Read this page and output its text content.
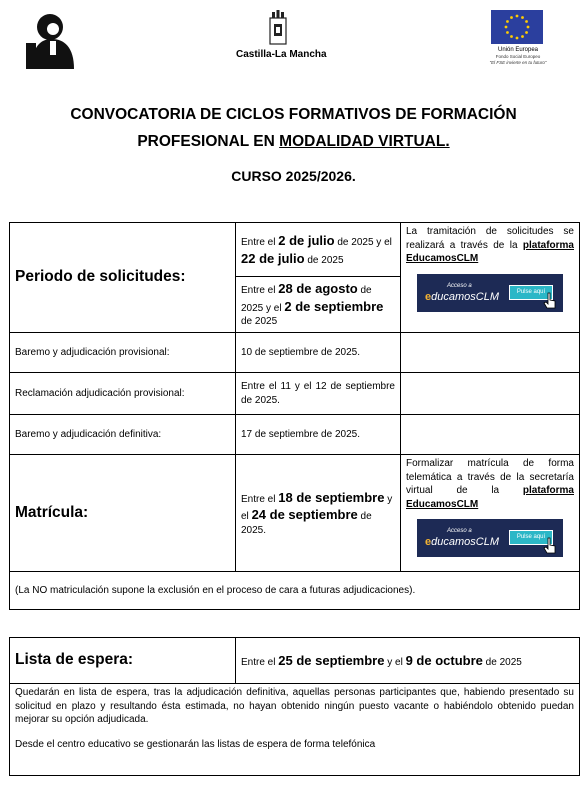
Castilla-La Mancha	Unión Europea
Fondo Social Europeo
"El FSE invierte en tu futuro"
CONVOCATORIA DE CICLOS FORMATIVOS DE FORMACIÓN
PROFESIONAL EN MODALIDAD VIRTUAL.
CURSO 2025/2026.
Periodo de solicitudes:	Entre el 2 de julio de 2025 y el 22 de julio de 2025	La tramitación de solicitudes se realizará a través de la plataforma EducamosCLM
Acceso a
educamosCLM Pulse aquí

	Entre el 28 de agosto de 2025 y el 2 de septiembre de 2025	
Baremo y adjudicación provisional:	10 de septiembre de 2025.	
Reclamación adjudicación provisional:	Entre el 11 y el 12 de septiembre de 2025.	
Baremo y adjudicación definitiva:	17 de septiembre de 2025.	
Matrícula:	Entre el 18 de septiembre y el 24 de septiembre de 2025.	Formalizar matrícula de forma telemática a través de la secretaría virtual de la plataforma EducamosCLM
Acceso a
educamosCLM Pulse aquí

(La NO matriculación supone la exclusión en el proceso de cara a futuras adjudicaciones).		
Lista de espera:	Entre el 25 de septiembre y el 9 de octubre de 2025

Quedarán en lista de espera, tras la adjudicación definitiva, aquellas personas participantes que, habiendo presentado su solicitud en plazo y resultando ésta estimada, no hayan obtenido ningún puesto vacante o habiéndolo obtenido puedan mejorar su opción adjudicada.
Desde el centro educativo se gestionarán las listas de espera de forma telefónica
